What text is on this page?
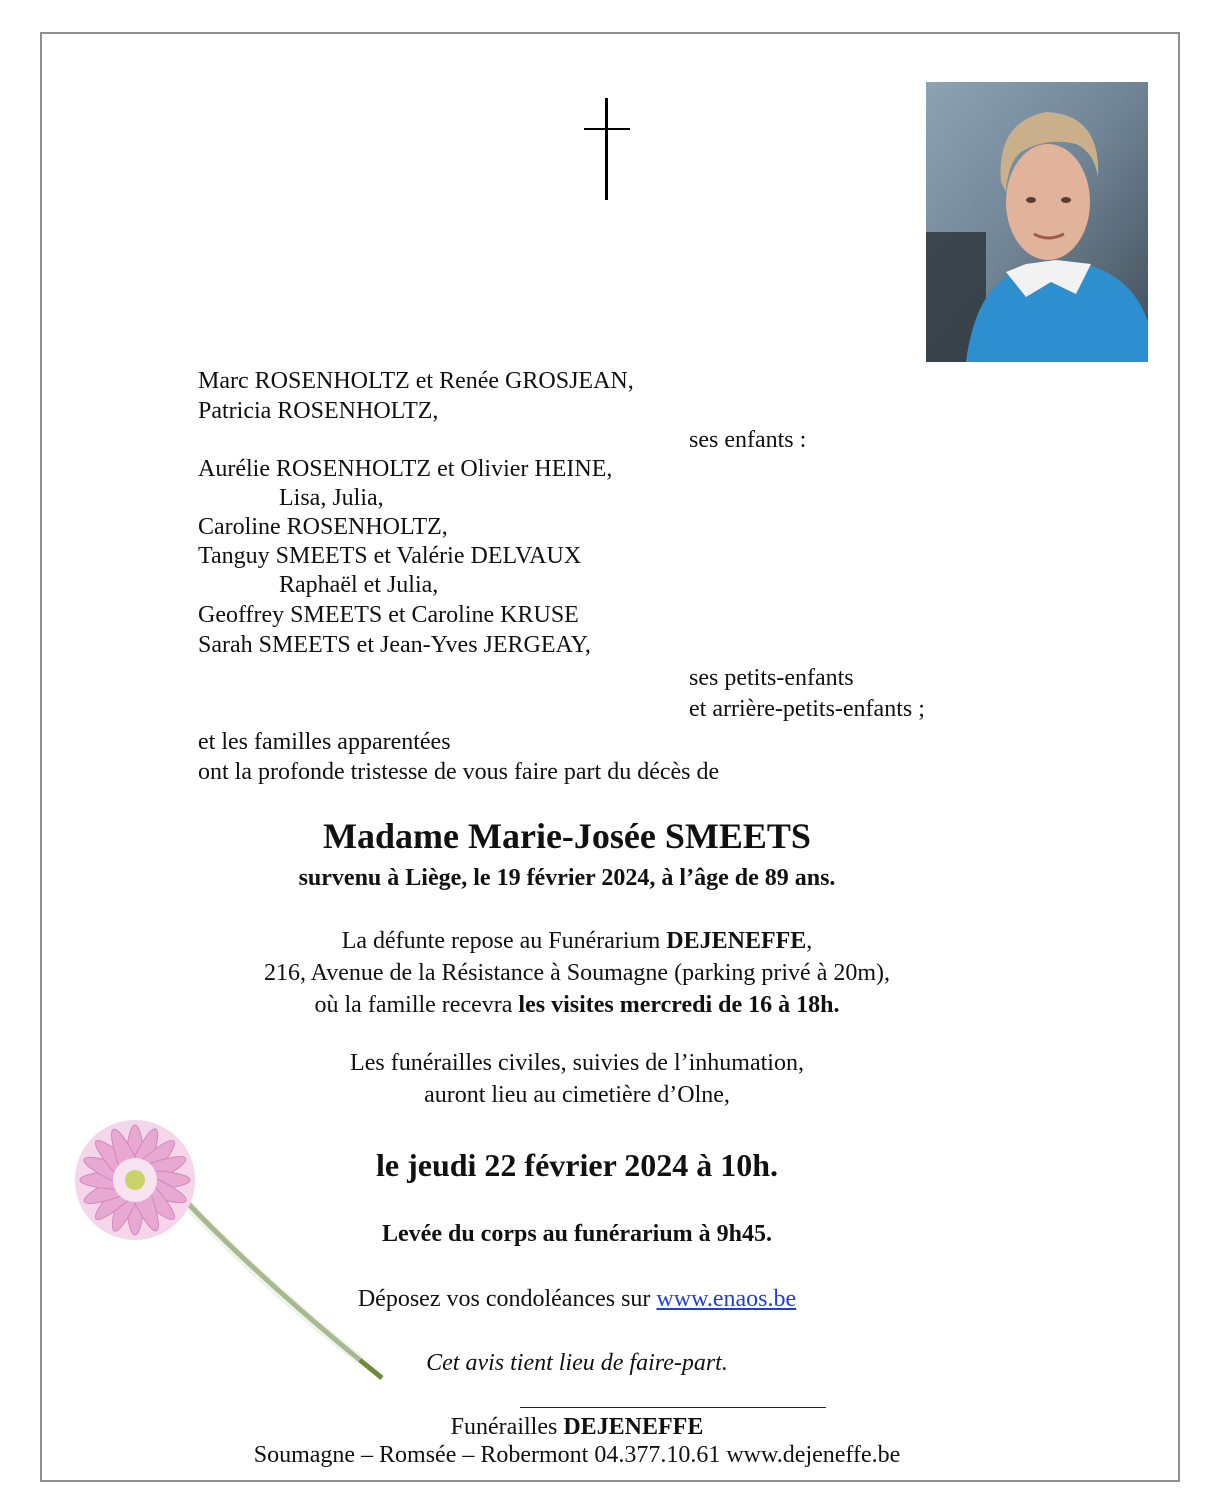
Marc ROSENHOLTZ et Renée GROSJEAN,
Patricia ROSENHOLTZ,
ses enfants :
Aurélie ROSENHOLTZ et Olivier HEINE,
Lisa, Julia,
Caroline ROSENHOLTZ,
Tanguy SMEETS et Valérie DELVAUX
Raphaël et Julia,
Geoffrey SMEETS et Caroline KRUSE
Sarah SMEETS et Jean-Yves JERGEAY,
ses petits-enfants
et arrière-petits-enfants ;
et les familles apparentées
ont la profonde tristesse de vous faire part du décès de
Madame Marie-Josée SMEETS
survenu à Liège, le 19 février 2024, à l’âge de 89 ans.
La défunte repose au Funérarium DEJENEFFE,
216, Avenue de la Résistance à Soumagne (parking privé à 20m),
où la famille recevra les visites mercredi de 16 à 18h.
Les funérailles civiles, suivies de l’inhumation,
auront lieu au cimetière d’Olne,
le jeudi 22 février 2024 à 10h.
Levée du corps au funérarium à 9h45.
Déposez vos condoléances sur www.enaos.be
Cet avis tient lieu de faire-part.
Funérailles DEJENEFFE
Soumagne – Romsée – Robermont 04.377.10.61 www.dejeneffe.be
